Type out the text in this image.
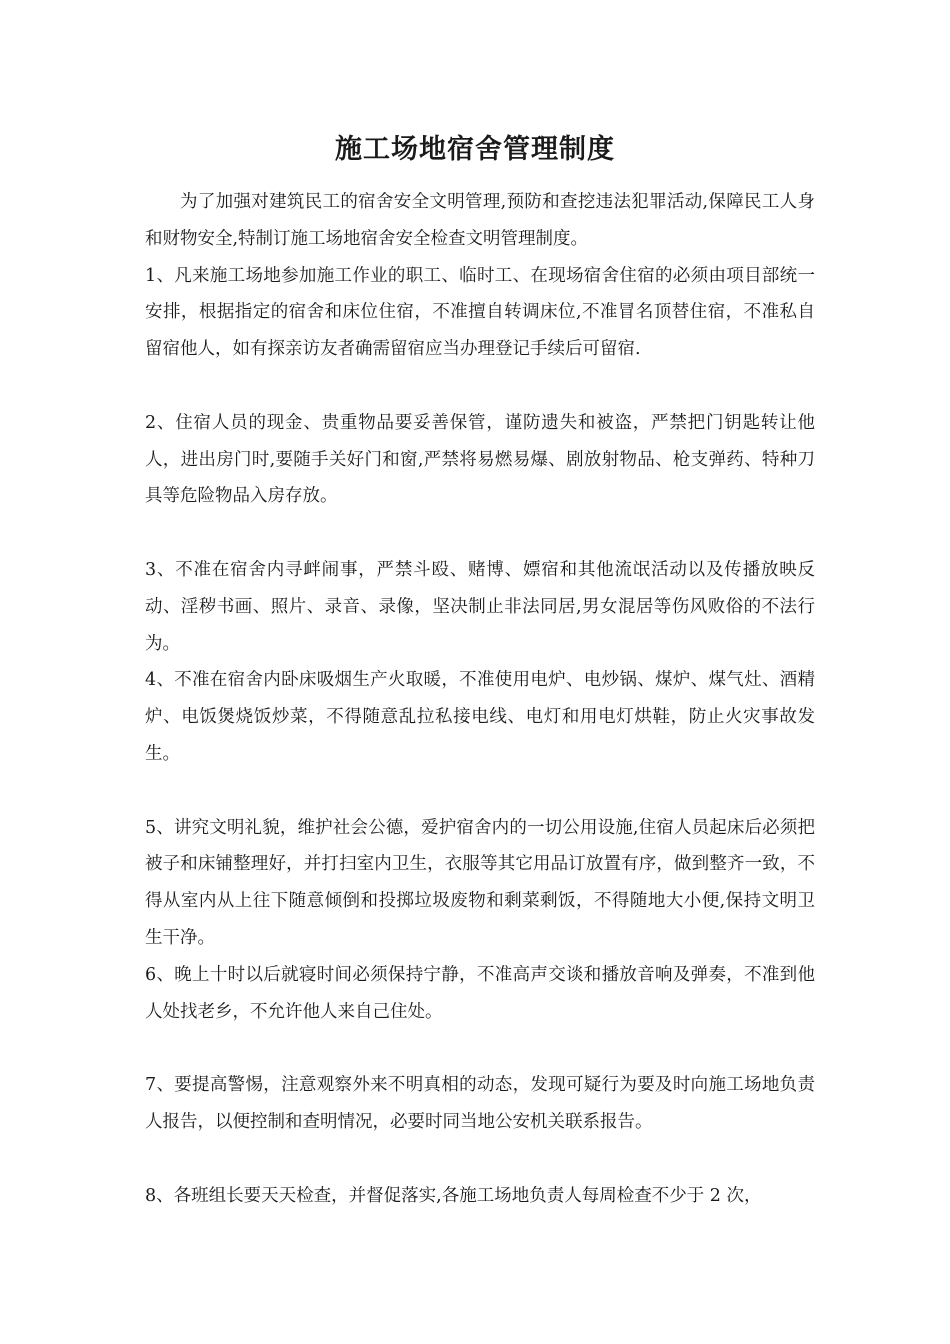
施工场地宿舍管理制度

为了加强对建筑民工的宿舍安全文明管理,预防和查挖违法犯罪活动,保障民工人身和财物安全,特制订施工场地宿舍安全检查文明管理制度。

1、凡来施工场地参加施工作业的职工、临时工、在现场宿舍住宿的必须由项目部统一安排，根据指定的宿舍和床位住宿，不准擅自转调床位,不准冒名顶替住宿，不准私自留宿他人，如有探亲访友者确需留宿应当办理登记手续后可留宿.

2、住宿人员的现金、贵重物品要妥善保管，谨防遗失和被盗，严禁把门钥匙转让他人，进出房门时,要随手关好门和窗,严禁将易燃易爆、剧放射物品、枪支弹药、特种刀具等危险物品入房存放。

3、不准在宿舍内寻衅闹事，严禁斗殴、赌博、嫖宿和其他流氓活动以及传播放映反动、淫秽书画、照片、录音、录像，坚决制止非法同居,男女混居等伤风败俗的不法行为。

4、不准在宿舍内卧床吸烟生产火取暖，不准使用电炉、电炒锅、煤炉、煤气灶、酒精炉、电饭煲烧饭炒菜，不得随意乱拉私接电线、电灯和用电灯烘鞋，防止火灾事故发生。

5、讲究文明礼貌，维护社会公德，爱护宿舍内的一切公用设施,住宿人员起床后必须把被子和床铺整理好，并打扫室内卫生，衣服等其它用品订放置有序，做到整齐一致，不得从室内从上往下随意倾倒和投掷垃圾废物和剩菜剩饭，不得随地大小便,保持文明卫生干净。

6、晚上十时以后就寝时间必须保持宁静，不准高声交谈和播放音响及弹奏，不准到他人处找老乡，不允许他人来自己住处。

7、要提高警惕，注意观察外来不明真相的动态，发现可疑行为要及时向施工场地负责人报告，以便控制和查明情况，必要时同当地公安机关联系报告。

8、各班组长要天天检查，并督促落实,各施工场地负责人每周检查不少于 2 次，
